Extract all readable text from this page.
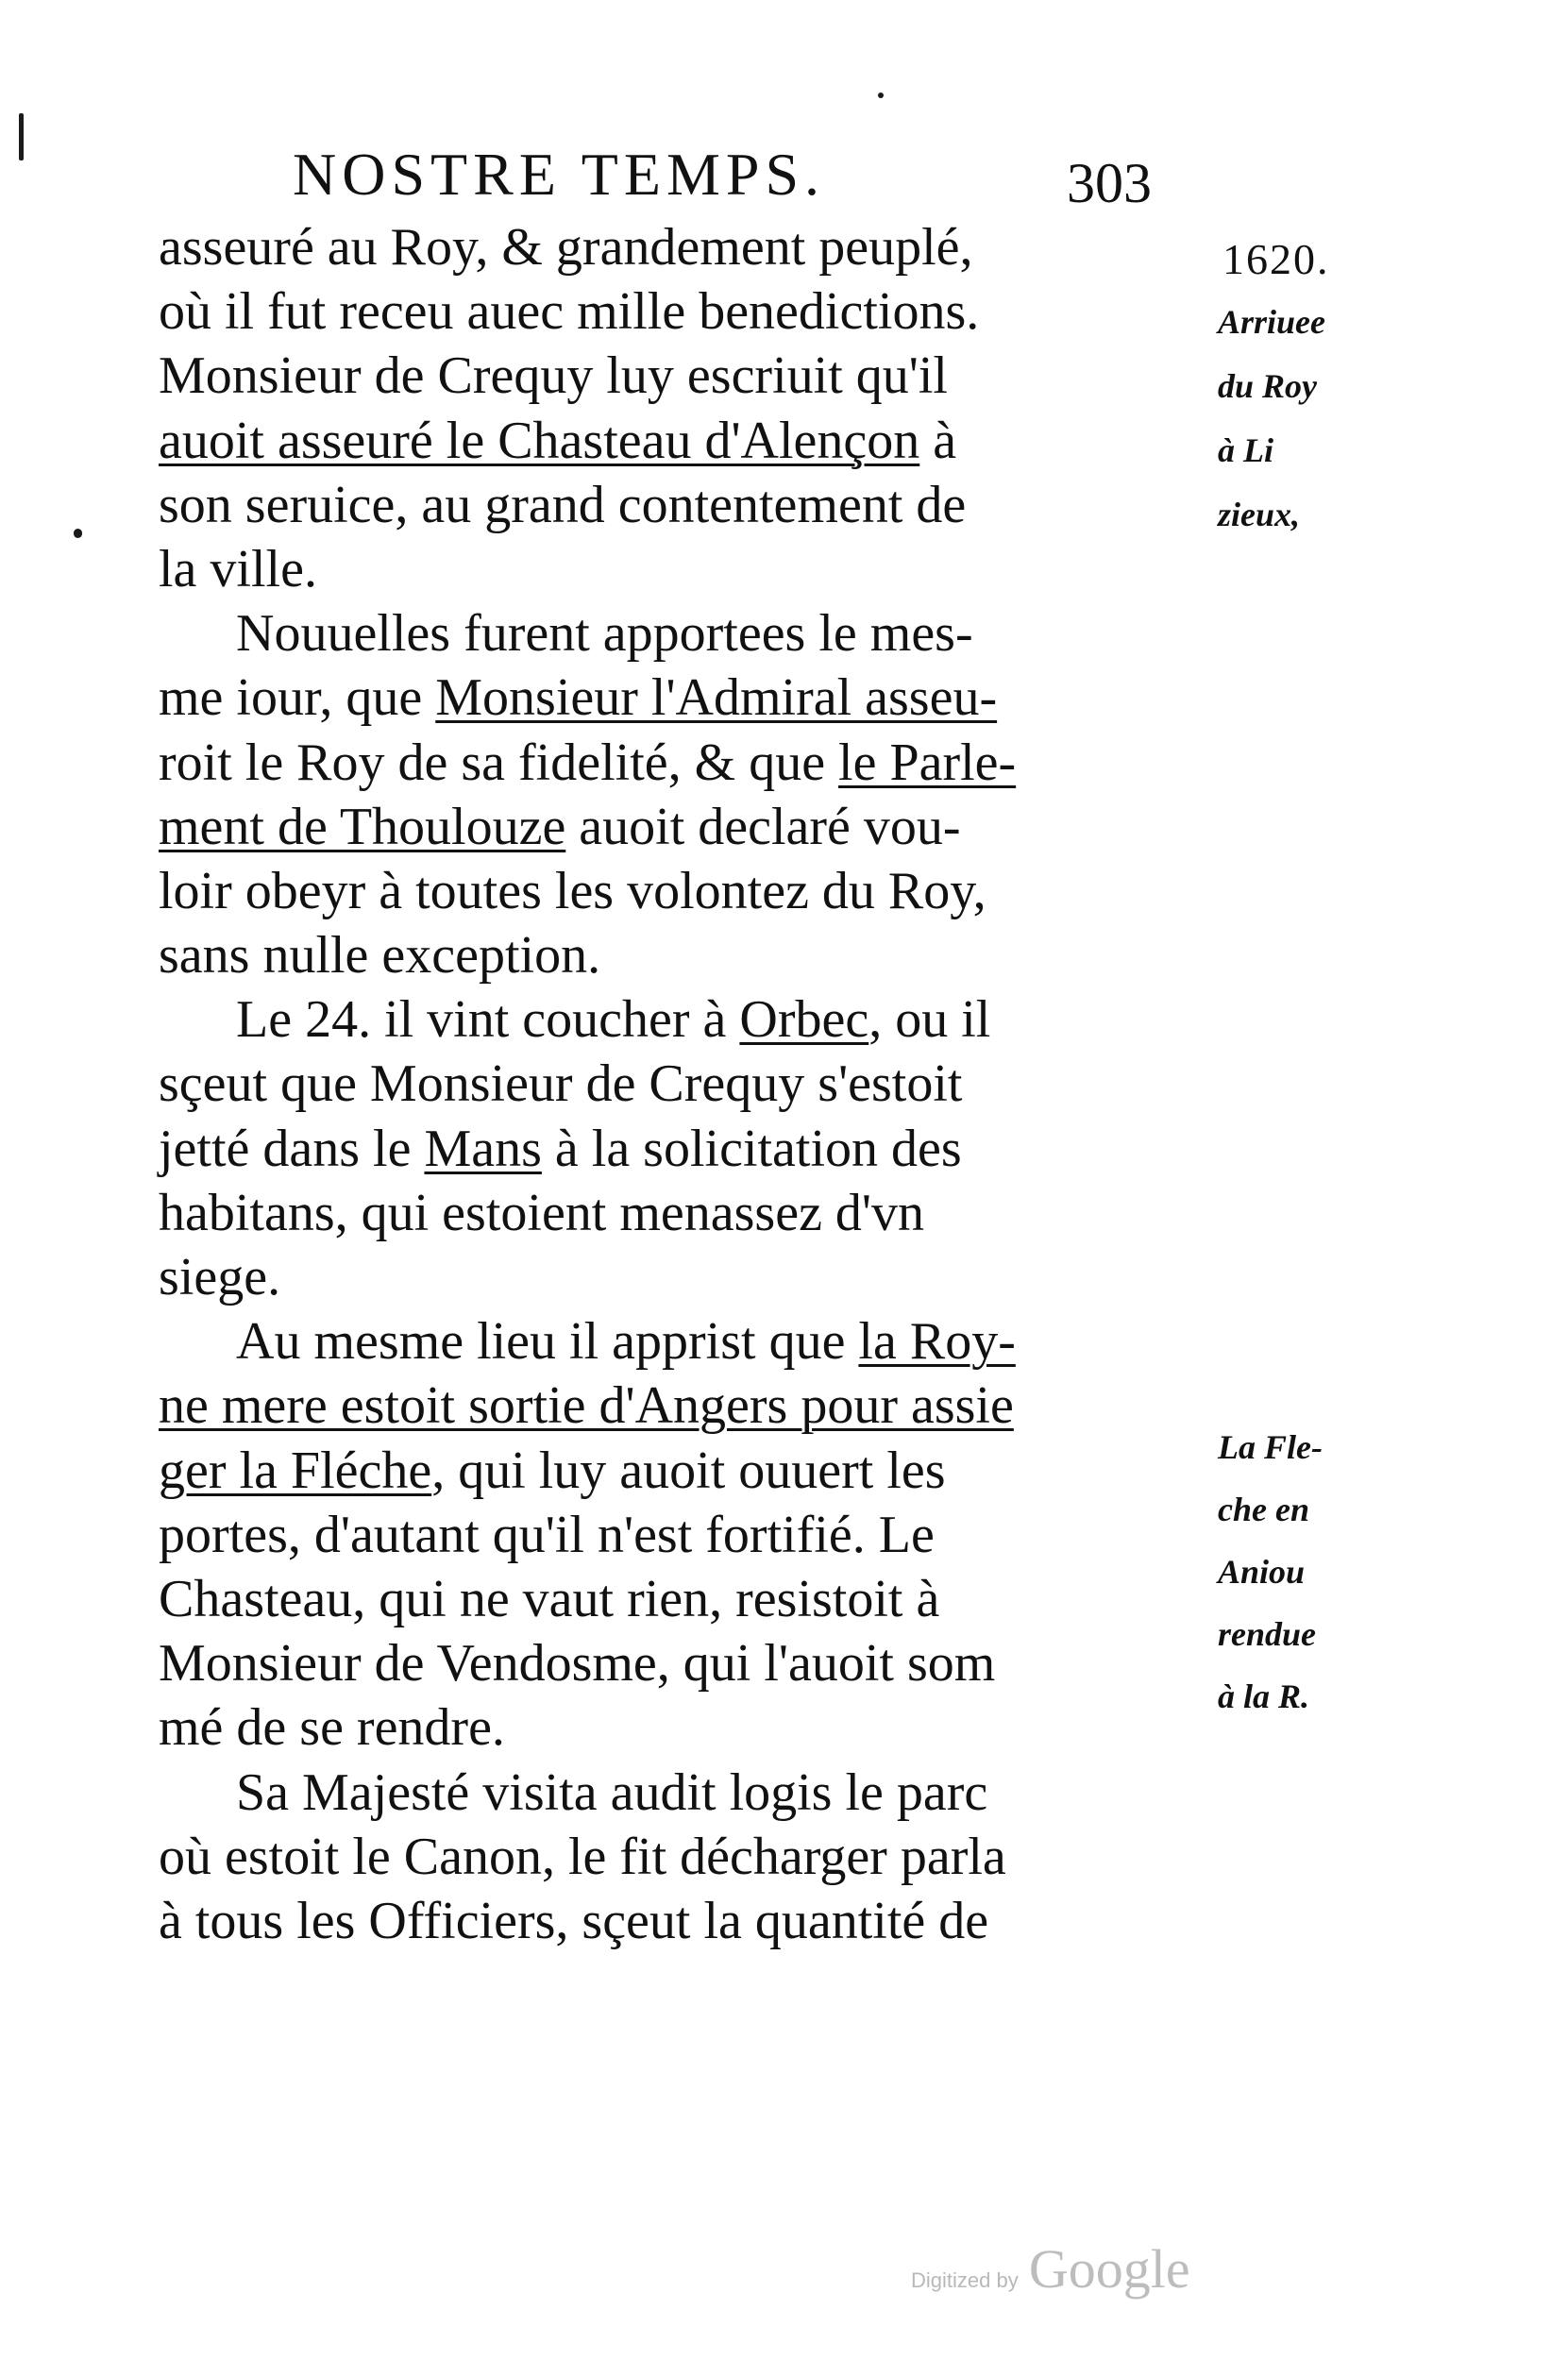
NOSTRE TEMPS.	303
asseuré au Roy, & grandement peuplé,
où il fut receu auec mille benedictions.
Monsieur de Crequy luy escriuit qu'il
auoit asseuré le Chasteau d'Alençon à
son seruice, au grand contentement de
la ville.
Nouuelles furent apportees le mes-
me iour, que Monsieur l'Admiral asseu-
roit le Roy de sa fidelité, & que le Parle-
ment de Thoulouze auoit declaré vou-
loir obeyr à toutes les volontez du Roy,
sans nulle exception.
Le 24. il vint coucher à Orbec, ou il
sçeut que Monsieur de Crequy s'estoit
jetté dans le Mans à la solicitation des
habitans, qui estoient menassez d'vn
siege.
Au mesme lieu il apprist que la Roy-
ne mere estoit sortie d'Angers pour assie
ger la Fléche, qui luy auoit ouuert les
portes, d'autant qu'il n'est fortifié. Le
Chasteau, qui ne vaut rien, resistoit à
Monsieur de Vendosme, qui l'auoit som
mé de se rendre.
Sa Majesté visita audit logis le parc
où estoit le Canon, le fit décharger parla
à tous les Officiers, sçeut la quantité de
1620.
Arriuee
du Roy
à Li
zieux,
La Fle-
che en
Aniou
rendue
à la R.
Digitized by Google
